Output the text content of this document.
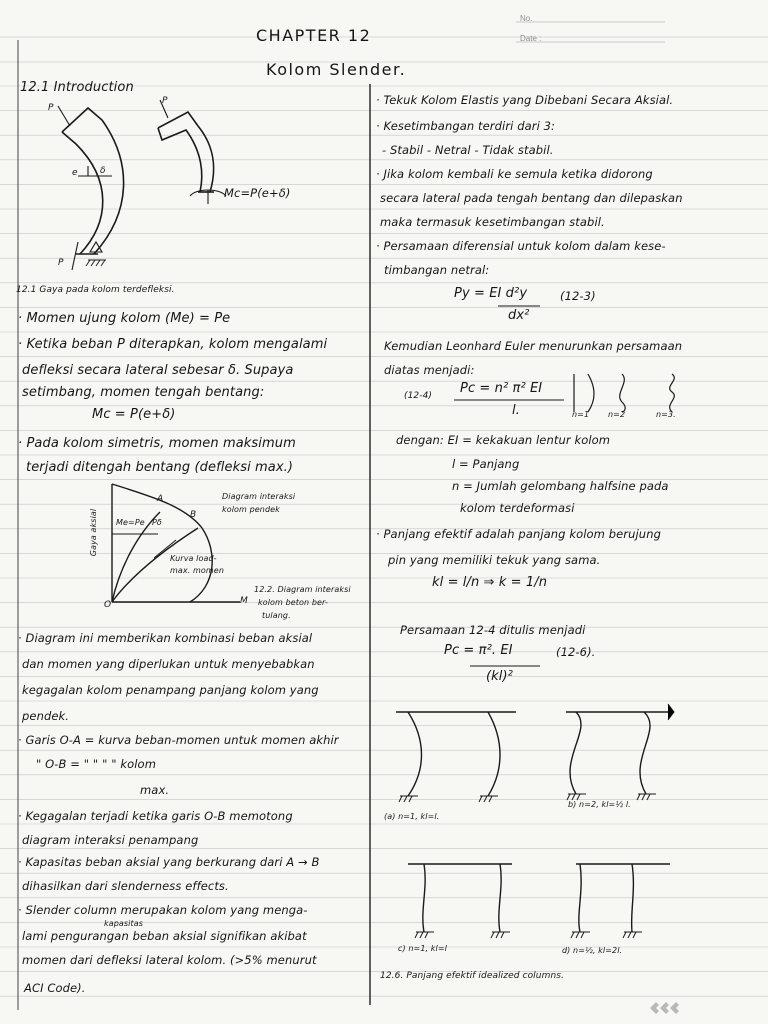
No.
Date :
CHAPTER 12
Kolom Slender.
12.1 Introduction
P
P
P
e δ
Mc=P(e+δ)
12.1 Gaya pada kolom terdefleksi.
· Momen ujung kolom (Me) = Pe
· Ketika beban P diterapkan, kolom mengalami
defleksi secara lateral sebesar δ. Supaya
setimbang, momen tengah bentang:
Mc = P(e+δ)
· Pada kolom simetris, momen maksimum
terjadi ditengah bentang (defleksi max.)
A
B
O	M
Me=Pe Pδ
Gaya aksial
Diagram interaksi
kolom pendek
Kurva load-
max. momen
12.2. Diagram interaksi
kolom beton ber-
tulang.
· Diagram ini memberikan kombinasi beban aksial
dan momen yang diperlukan untuk menyebabkan
kegagalan kolom penampang panjang kolom yang
pendek.
· Garis O-A = kurva beban-momen untuk momen akhir
" O-B = " " " " kolom
max.
· Kegagalan terjadi ketika garis O-B memotong
diagram interaksi penampang
· Kapasitas beban aksial yang berkurang dari A → B
dihasilkan dari slenderness effects.
· Slender column merupakan kolom yang menga-
kapasitas
lami pengurangan beban aksial signifikan akibat
momen dari defleksi lateral kolom. (>5% menurut
ACI Code).
· Tekuk Kolom Elastis yang Dibebani Secara Aksial.
· Kesetimbangan terdiri dari 3:
- Stabil - Netral - Tidak stabil.
· Jika kolom kembali ke semula ketika didorong
secara lateral pada tengah bentang dan dilepaskan
maka termasuk kesetimbangan stabil.
· Persamaan diferensial untuk kolom dalam kese-
timbangan netral:
Py = EI d²y
dx²
(12-3)
Kemudian Leonhard Euler menurunkan persamaan
diatas menjadi:
(12-4) Pc = n² π² EI
l.	n=1 n=2	n=3.
dengan: EI = kekakuan lentur kolom
l = Panjang
n = Jumlah gelombang halfsine pada
kolom terdeformasi
· Panjang efektif adalah panjang kolom berujung
pin yang memiliki tekuk yang sama.
kl = l/n ⇒ k = 1/n
Persamaan 12-4 ditulis menjadi
Pc = π². EI
(kl)²
(12-6).
(a) n=1, kl=l.
b) n=2, kl=½ l.
c) n=1, kl=l	d) n=½, kl=2l.
12.6. Panjang efektif idealized columns.
